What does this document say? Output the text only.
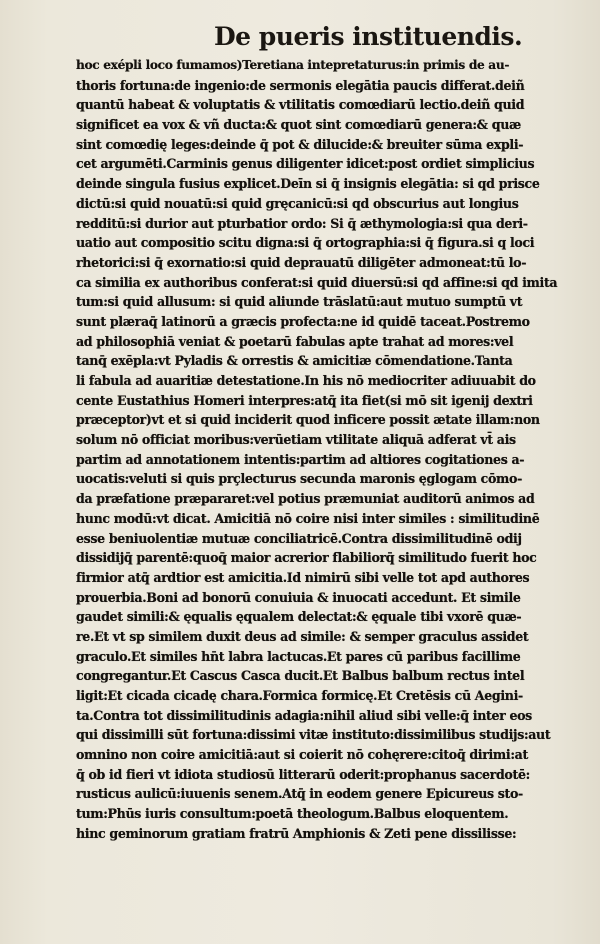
De pueris instituendis.
hoc exépli loco fumamos)Teretiana intepretaturus:in primis de au-
thoris fortuna:de ingenio:de sermonis elegātia paucis differat.deiñ
quantū habeat & voluptatis & vtilitatis comœdiarū lectio.deiñ quid
significet ea vox & vñ ducta:& quot sint comœdiarū genera:& quæ
sint comœdię leges:deinde q̄ pot & dilucide:& breuiter sūma expli-
cet argumēti.Carminis genus diligenter idicet:post ordiet simplicius
deinde singula fusius explicet.Deīn si q̄ insignis elegātia: si qd prisce
dictū:si quid nouatū:si quid gręcanicū:si qd obscurius aut longius
redditū:si durior aut pturbatior ordo: Si q̄ æthymologia:si qua deri-
uatio aut compositio scitu digna:si q̄ ortographia:si q̄ figura.si q loci
rhetorici:si q̄ exornatio:si quid deprauatū diligēter admoneat:tū lo-
ca similia ex authoribus conferat:si quid diuersū:si qd affine:si qd imita
tum:si quid allusum: si quid aliunde trāslatū:aut mutuo sumptū vt
sunt plæraq̄ latinorū a græcis profecta:ne id quidē taceat.Postremo
ad philosophiā veniat & poetarū fabulas apte trahat ad mores:vel
tanq̄ exēpla:vt Pyladis & orrestis & amicitiæ cōmendatione.Tanta
li fabula ad auaritiæ detestatione.In his nō mediocriter adiuuabit do
cente Eustathius Homeri interpres:atq̄ ita fiet(si mō sit igenij dextri
præceptor)vt et si quid inciderit quod inficere possit ætate illam:non
solum nō officiat moribus:verūetiam vtilitate aliquā adferat vt̄ ais
partim ad annotationem intentis:partim ad altiores cogitationes a-
uocatis:veluti si quis prçlecturus secunda maronis ęglogam cōmo-
da præfatione præpararet:vel potius præmuniat auditorū animos ad
hunc modū:vt dicat. Amicitiā nō coire nisi inter similes : similitudinē
esse beniuolentiæ mutuæ conciliatricē.Contra dissimilitudinē odij
dissidijq̄ parentē:quoq̄ maior acrerior flabiliorq̄ similitudo fuerit hoc
firmior atq̄ ardtior est amicitia.Id nimirū sibi velle tot apd authores
prouerbia.Boni ad bonorū conuiuia & inuocati accedunt. Et simile
gaudet simili:& ęqualis ęqualem delectat:& ęquale tibi vxorē quæ-
re.Et vt sp similem duxit deus ad simile: & semper graculus assidet
graculo.Et similes hn̄t labra lactucas.Et pares cū paribus facillime
congregantur.Et Cascus Casca ducit.Et Balbus balbum rectus intel
ligit:Et cicada cicadę chara.Formica formicę.Et Cretēsis cū Aegini-
ta.Contra tot dissimilitudinis adagia:nihil aliud sibi velle:q̄ inter eos
qui dissimilli sūt fortuna:dissimi vitæ instituto:dissimilibus studijs:aut
omnino non coire amicitiā:aut si coierit nō cohęrere:citoq̄ dirimi:at
q̄ ob id fieri vt idiota studiosū litterarū oderit:prophanus sacerdotē:
rusticus aulicū:iuuenis senem.Atq̄ in eodem genere Epicureus sto-
tum:Phūs iuris consultum:poetā theologum.Balbus eloquentem.
hinc geminorum gratiam fratrū Amphionis & Zeti pene dissilisse:
